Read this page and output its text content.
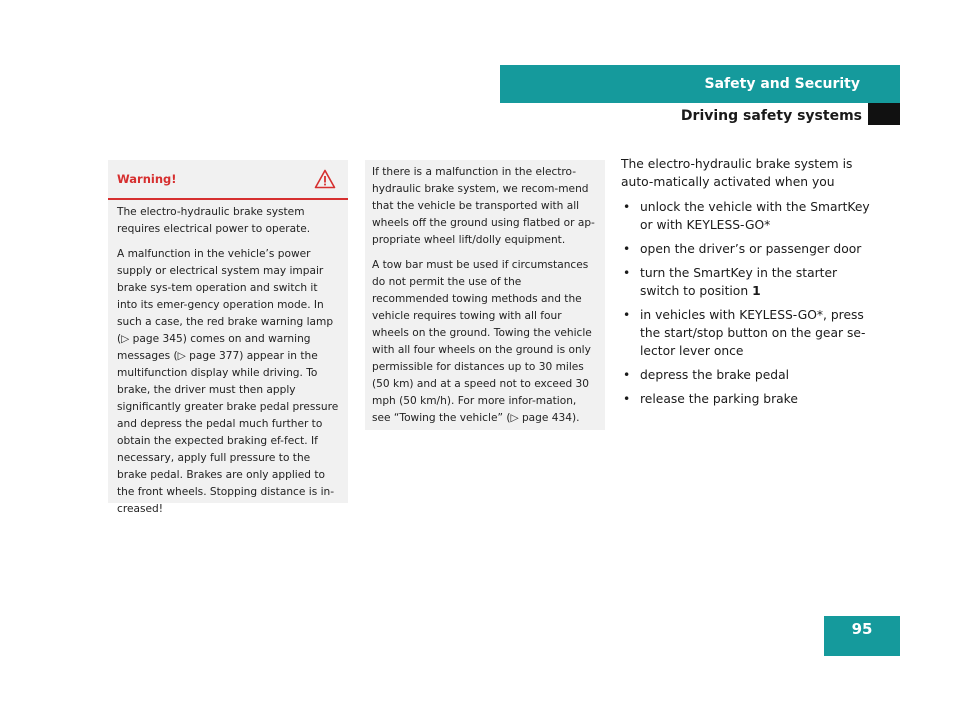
Safety and Security
Driving safety systems
Warning!

The electro-hydraulic brake system requires electrical power to operate.

A malfunction in the vehicle’s power supply or electrical system may impair brake sys-tem operation and switch it into its emer-gency operation mode. In such a case, the red brake warning lamp (▷ page 345) comes on and warning messages (▷ page 377) appear in the multifunction display while driving. To brake, the driver must then apply significantly greater brake pedal pressure and depress the pedal much further to obtain the expected braking ef-fect. If necessary, apply full pressure to the brake pedal. Brakes are only applied to the front wheels. Stopping distance is in-creased!

If there is a malfunction in the electro-hydraulic brake system, we recom-mend that the vehicle be transported with all wheels off the ground using flatbed or ap-propriate wheel lift/dolly equipment.

A tow bar must be used if circumstances do not permit the use of the recommended towing methods and the vehicle requires towing with all four wheels on the ground. Towing the vehicle with all four wheels on the ground is only permissible for distances up to 30 miles (50 km) and at a speed not to exceed 30 mph (50 km/h). For more infor-mation, see “Towing the vehicle” (▷ page 434).

The electro-hydraulic brake system is auto-matically activated when you

• unlock the vehicle with the SmartKey or with KEYLESS-GO*
• open the driver’s or passenger door
• turn the SmartKey in the starter switch to position 1
• in vehicles with KEYLESS-GO*, press the start/stop button on the gear se-lector lever once
• depress the brake pedal
• release the parking brake
95
